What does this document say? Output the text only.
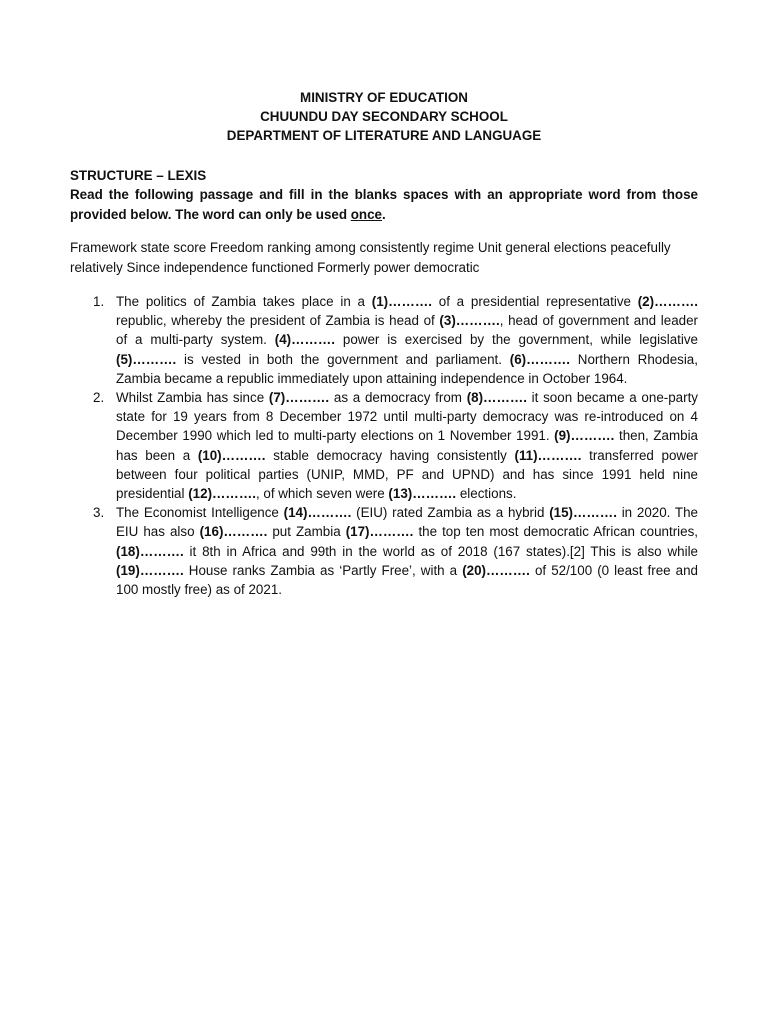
MINISTRY OF EDUCATION
CHUUNDU DAY SECONDARY SCHOOL
DEPARTMENT OF LITERATURE AND LANGUAGE
STRUCTURE – LEXIS
Read the following passage and fill in the blanks spaces with an appropriate word from those provided below. The word can only be used once.
Framework state score Freedom ranking among consistently regime Unit general elections peacefully relatively Since independence functioned Formerly power democratic
1. The politics of Zambia takes place in a (1)………. of a presidential representative (2)………. republic, whereby the president of Zambia is head of (3)………., head of government and leader of a multi-party system. (4)………. power is exercised by the government, while legislative (5)………. is vested in both the government and parliament. (6)………. Northern Rhodesia, Zambia became a republic immediately upon attaining independence in October 1964.
2. Whilst Zambia has since (7)………. as a democracy from (8)………. it soon became a one-party state for 19 years from 8 December 1972 until multi-party democracy was re-introduced on 4 December 1990 which led to multi-party elections on 1 November 1991. (9)………. then, Zambia has been a (10)………. stable democracy having consistently (11)………. transferred power between four political parties (UNIP, MMD, PF and UPND) and has since 1991 held nine presidential (12)………., of which seven were (13)………. elections.
3. The Economist Intelligence (14)………. (EIU) rated Zambia as a hybrid (15)………. in 2020. The EIU has also (16)………. put Zambia (17)………. the top ten most democratic African countries, (18)………. it 8th in Africa and 99th in the world as of 2018 (167 states).[2] This is also while (19)………. House ranks Zambia as ‘Partly Free’, with a (20)………. of 52/100 (0 least free and 100 mostly free) as of 2021.
